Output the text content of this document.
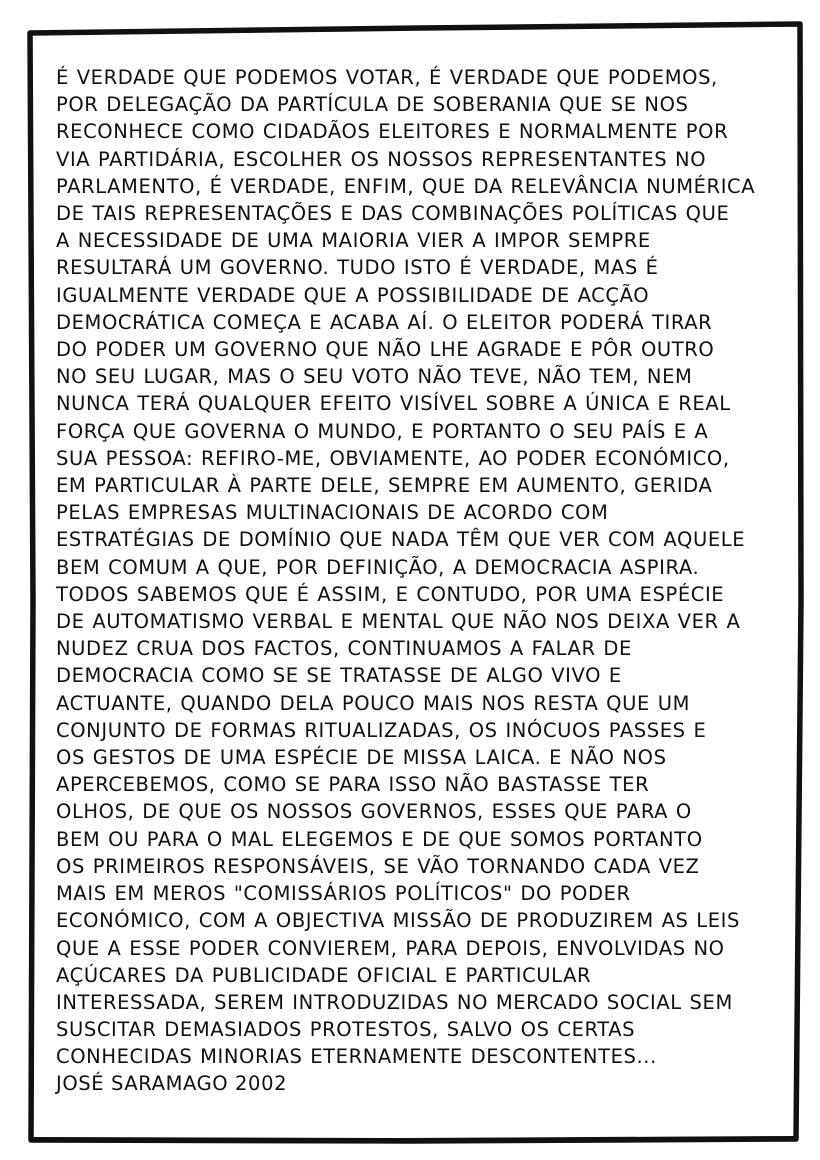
É VERDADE QUE PODEMOS VOTAR, É VERDADE QUE PODEMOS,
POR DELEGAÇÃO DA PARTÍCULA DE SOBERANIA QUE SE NOS
RECONHECE COMO CIDADÃOS ELEITORES E NORMALMENTE POR
VIA PARTIDÁRIA, ESCOLHER OS NOSSOS REPRESENTANTES NO
PARLAMENTO, É VERDADE, ENFIM, QUE DA RELEVÂNCIA NUMÉRICA
DE TAIS REPRESENTAÇÕES E DAS COMBINAÇÕES POLÍTICAS QUE
A NECESSIDADE DE UMA MAIORIA VIER A IMPOR SEMPRE
RESULTARÁ UM GOVERNO. TUDO ISTO É VERDADE, MAS É
IGUALMENTE VERDADE QUE A POSSIBILIDADE DE ACÇÃO
DEMOCRÁTICA COMEÇA E ACABA AÍ. O ELEITOR PODERÁ TIRAR
DO PODER UM GOVERNO QUE NÃO LHE AGRADE E PÔR OUTRO
NO SEU LUGAR, MAS O SEU VOTO NÃO TEVE, NÃO TEM, NEM
NUNCA TERÁ QUALQUER EFEITO VISÍVEL SOBRE A ÚNICA E REAL
FORÇA QUE GOVERNA O MUNDO, E PORTANTO O SEU PAÍS E A
SUA PESSOA: REFIRO-ME, OBVIAMENTE, AO PODER ECONÓMICO,
EM PARTICULAR À PARTE DELE, SEMPRE EM AUMENTO, GERIDA
PELAS EMPRESAS MULTINACIONAIS DE ACORDO COM
ESTRATÉGIAS DE DOMÍNIO QUE NADA TÊM QUE VER COM AQUELE
BEM COMUM A QUE, POR DEFINIÇÃO, A DEMOCRACIA ASPIRA.
TODOS SABEMOS QUE É ASSIM, E CONTUDO, POR UMA ESPÉCIE
DE AUTOMATISMO VERBAL E MENTAL QUE NÃO NOS DEIXA VER A
NUDEZ CRUA DOS FACTOS, CONTINUAMOS A FALAR DE
DEMOCRACIA COMO SE SE TRATASSE DE ALGO VIVO E
ACTUANTE, QUANDO DELA POUCO MAIS NOS RESTA QUE UM
CONJUNTO DE FORMAS RITUALIZADAS, OS INÓCUOS PASSES E
OS GESTOS DE UMA ESPÉCIE DE MISSA LAICA. E NÃO NOS
APERCEBEMOS, COMO SE PARA ISSO NÃO BASTASSE TER
OLHOS, DE QUE OS NOSSOS GOVERNOS, ESSES QUE PARA O
BEM OU PARA O MAL ELEGEMOS E DE QUE SOMOS PORTANTO
OS PRIMEIROS RESPONSÁVEIS, SE VÃO TORNANDO CADA VEZ
MAIS EM MEROS "COMISSÁRIOS POLÍTICOS" DO PODER
ECONÓMICO, COM A OBJECTIVA MISSÃO DE PRODUZIREM AS LEIS
QUE A ESSE PODER CONVIEREM, PARA DEPOIS, ENVOLVIDAS NO
AÇÚCARES DA PUBLICIDADE OFICIAL E PARTICULAR
INTERESSADA, SEREM INTRODUZIDAS NO MERCADO SOCIAL SEM
SUSCITAR DEMASIADOS PROTESTOS, SALVO OS CERTAS
CONHECIDAS MINORIAS ETERNAMENTE DESCONTENTES...
JOSÉ SARAMAGO 2002
